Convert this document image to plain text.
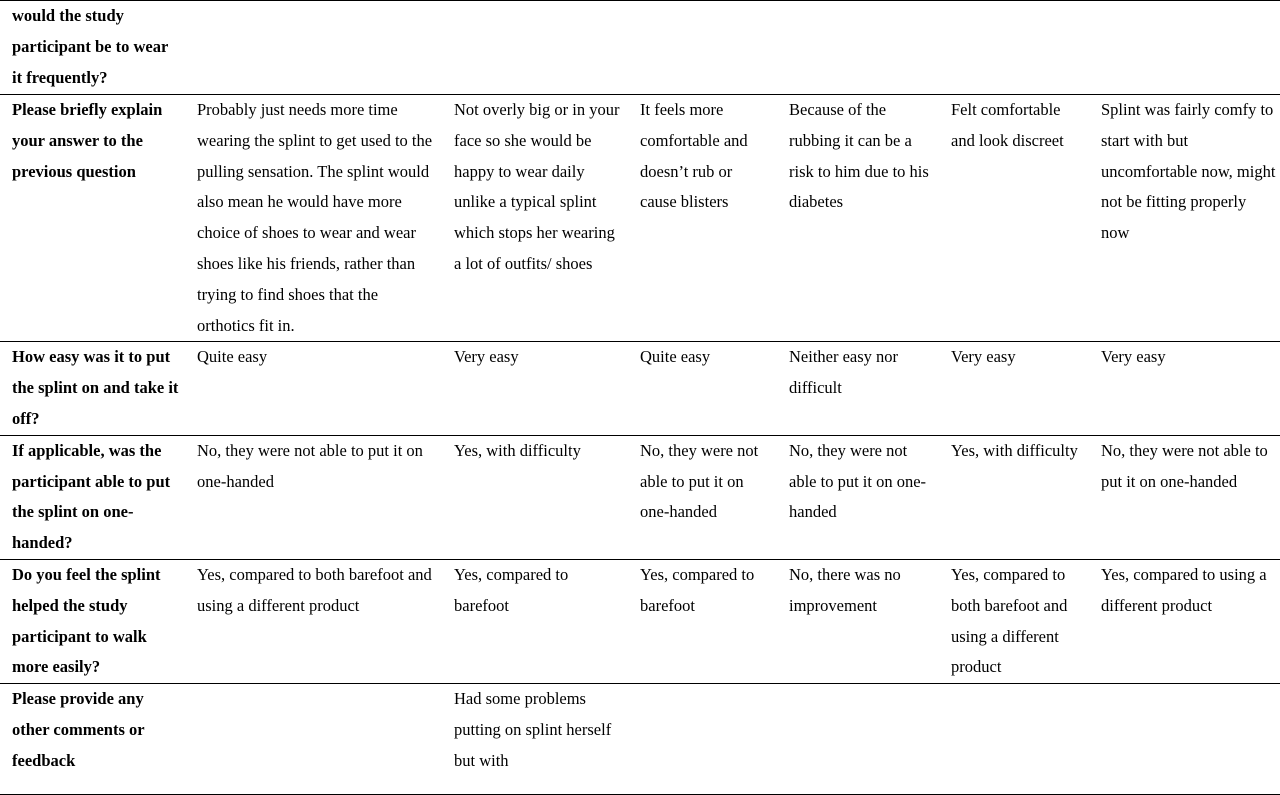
would the study participant be to wear it frequently?						
Please briefly explain your answer to the previous question	Probably just needs more time wearing the splint to get used to the pulling sensation. The splint would also mean he would have more choice of shoes to wear and wear shoes like his friends, rather than trying to find shoes that the orthotics fit in.	Not overly big or in your face so she would be happy to wear daily unlike a typical splint which stops her wearing a lot of outfits/ shoes	It feels more comfortable and doesn’t rub or cause blisters	Because of the rubbing it can be a risk to him due to his diabetes	Felt comfortable and look discreet	Splint was fairly comfy to start with but uncomfortable now, might not be fitting properly now
How easy was it to put the splint on and take it off?	Quite easy	Very easy	Quite easy	Neither easy nor difficult	Very easy	Very easy
If applicable, was the participant able to put the splint on one-handed?	No, they were not able to put it on one-handed	Yes, with difficulty	No, they were not able to put it on one-handed	No, they were not able to put it on one-handed	Yes, with difficulty	No, they were not able to put it on one-handed
Do you feel the splint helped the study participant to walk more easily?	Yes, compared to both barefoot and using a different product	Yes, compared to barefoot	Yes, compared to barefoot	No, there was no improvement	Yes, compared to both barefoot and using a different product	Yes, compared to using a different product
Please provide any other comments or feedback		Had some problems putting on splint herself but with				
